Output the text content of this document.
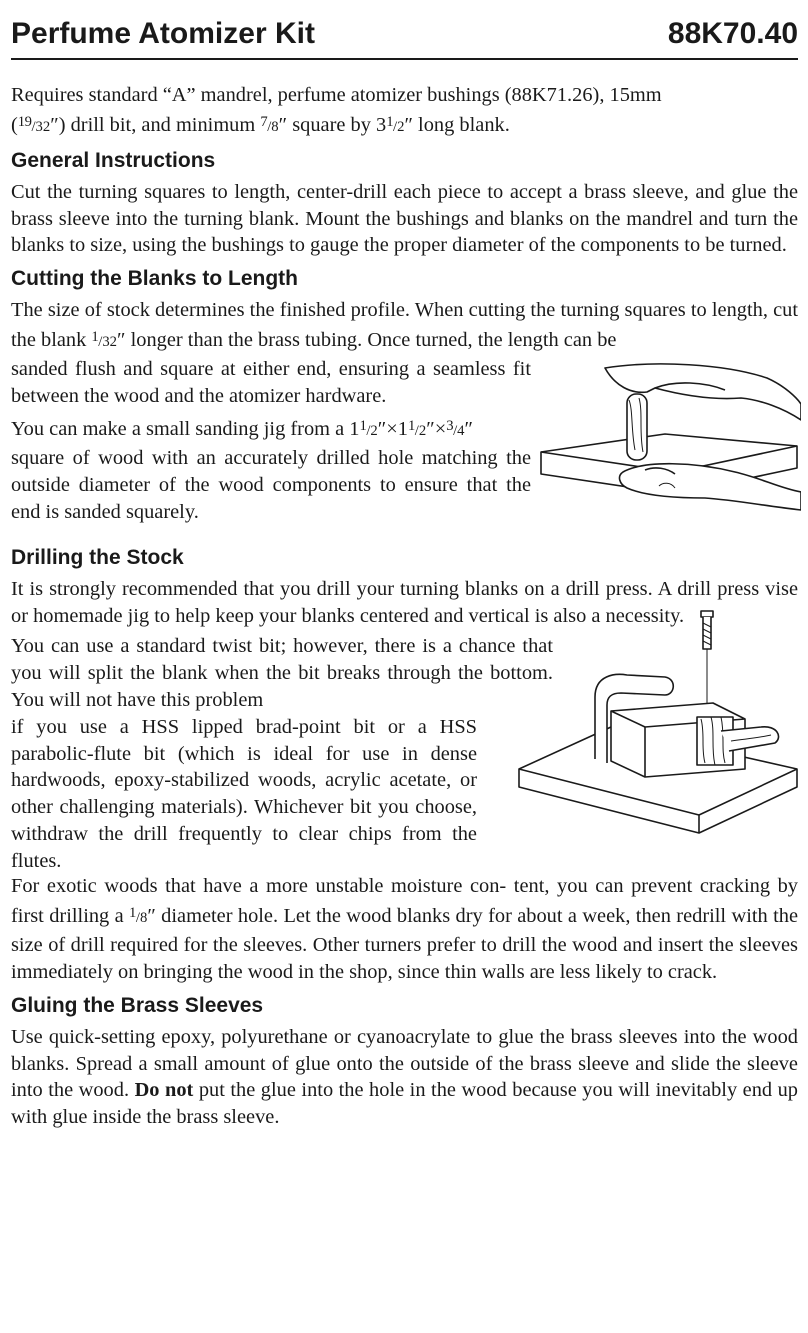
Perfume Atomizer Kit	88K70.40

Requires standard “A” mandrel, perfume atomizer bushings (88K71.26), 15mm

($^{19}$/32″) drill bit, and minimum $^7$/8″ square by $3^1/2''$ long blank.

General Instructions

Cut the turning squares to length, center-drill each piece to accept a brass sleeve, and glue the brass sleeve into the turning blank. Mount the bushings and blanks on the mandrel and turn the blanks to size, using the bushings to gauge the proper diameter of the components to be turned.

Cutting the Blanks to Length

The size of stock determines the finished profile. When cutting the turning squares to length, cut the blank $^1$/32″ longer than the brass tubing. Once turned, the length can be

sanded flush and square at either end, ensuring a seamless fit between the wood and the atomizer hardware.

You can make a small sanding jig from a $1^1/2''\times 1^1/2''\times^3/4''$

square of wood with an accurately drilled hole matching the outside diameter of the wood components to ensure that the end is sanded squarely.

Drilling the Stock

It is strongly recommended that you drill your turning blanks on a drill press. A drill press vise or homemade jig to help keep your blanks centered and vertical is also a necessity.

You can use a standard twist bit; however, there is a chance that you will split the blank when the bit breaks through the bottom. You will not have this problem

if you use a HSS lipped brad-point bit or a HSS parabolic-flute bit (which is ideal for use in dense hardwoods, epoxy-stabilized woods, acrylic acetate, or other challenging materials). Whichever bit you choose, withdraw the drill frequently to clear chips from the flutes.

For exotic woods that have a more unstable moisture con- tent, you can prevent cracking by first drilling a $^1$/8″ diameter hole. Let the wood blanks dry for about a week, then redrill with the size of drill required for the sleeves. Other turners prefer to drill the wood and insert the sleeves immediately on bringing the wood in the shop, since thin walls are less likely to crack.

Gluing the Brass Sleeves

Use quick-setting epoxy, polyurethane or cyanoacrylate to glue the brass sleeves into the wood blanks. Spread a small amount of glue onto the outside of the brass sleeve and slide the sleeve into the wood. Do not put the glue into the hole in the wood because you will inevitably end up with glue inside the brass sleeve.
